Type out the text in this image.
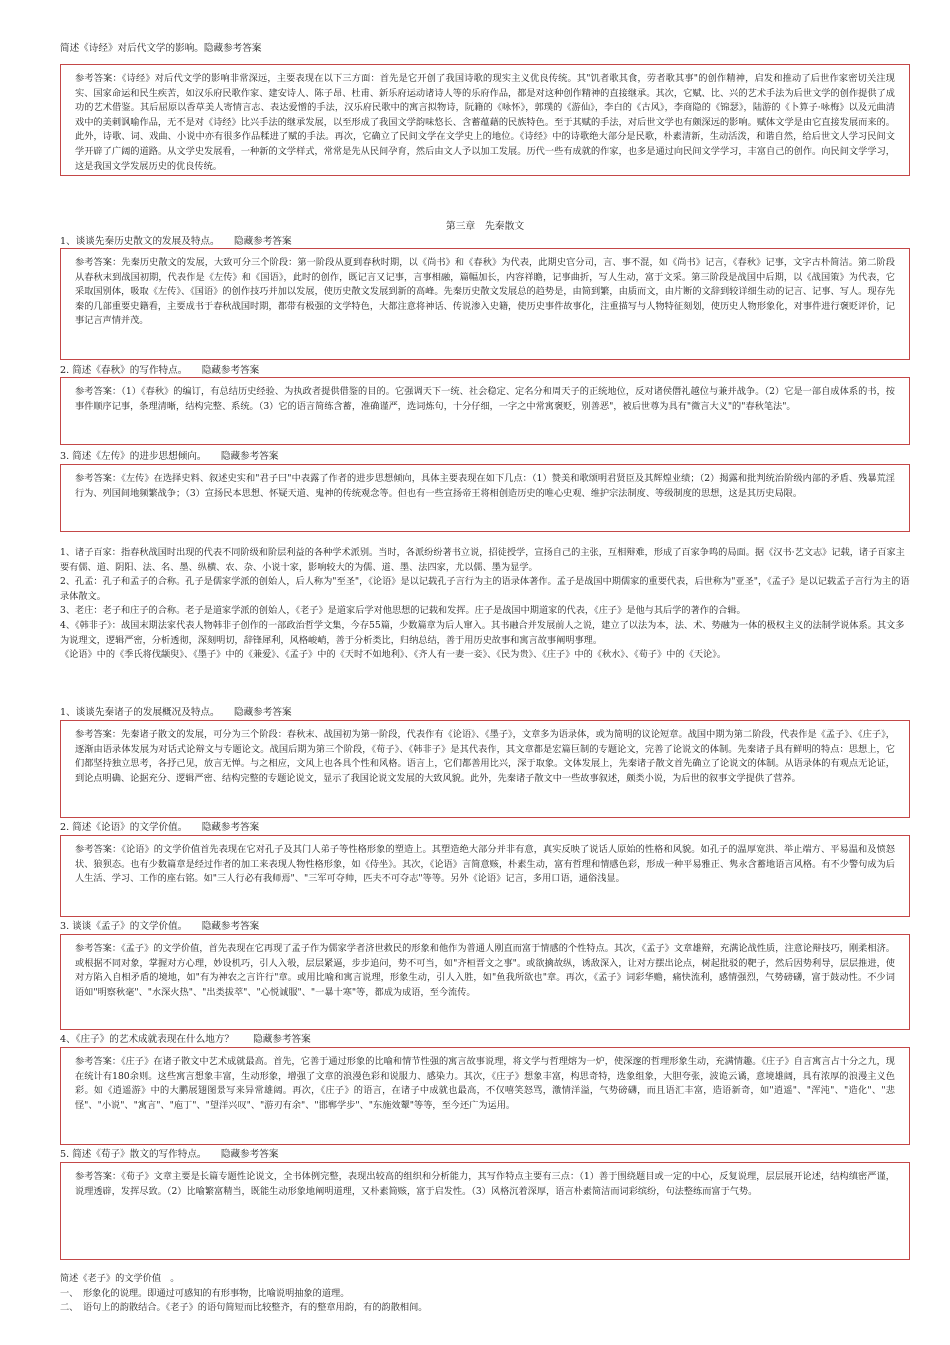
简述《诗经》对后代文学的影响。隐藏参考答案

参考答案：《诗经》对后代文学的影响非常深远，主要表现在以下三方面：首先是它开创了我国诗歌的现实主义优良传统。其"饥者歌其食，劳者歌其事"的创作精神，启发和推动了后世作家密切关注现实、国家命运和民生疾苦，如汉乐府民歌作家、建安诗人、陈子昂、杜甫、新乐府运动诸诗人等的乐府作品，都是对这种创作精神的直接继承。其次，它赋、比、兴的艺术手法为后世文学的创作提供了成功的艺术借鉴。其后屈原以香草美人寄情言志、表达爱憎的手法，汉乐府民歌中的寓言拟物诗，阮籍的《咏怀》，郭璞的《游仙》，李白的《古风》，李商隐的《锦瑟》，陆游的《卜算子·咏梅》以及元曲清戏中的美刺讽喻作品，无不是对《诗经》比兴手法的继承发展，以至形成了我国文学韵味悠长、含蓄蕴藉的民族特色。至于其赋的手法，对后世文学也有颇深远的影响。赋体文学是由它直接发展而来的。此外，诗歌、词、戏曲、小说中亦有很多作品糅进了赋的手法。再次，它确立了民间文学在文学史上的地位。《诗经》中的诗歌绝大部分是民歌，朴素清新，生动活泼，和谐自然，给后世文人学习民间文学开辟了广阔的道路。从文学史发展看，一种新的文学样式，常常是先从民间孕育，然后由文人予以加工发展。历代一些有成就的作家，也多是通过向民间文学学习，丰富自己的创作。向民间文学学习，这是我国文学发展历史的优良传统。

第三章　先秦散文
1、谈谈先秦历史散文的发展及特点。　　隐藏参考答案

参考答案：先秦历史散文的发展，大致可分三个阶段：第一阶段从夏到春秋时期，以《尚书》和《春秋》为代表，此期史官分司，言、事不混，如《尚书》记言，《春秋》记事，文字古朴简洁。第二阶段从春秋末到战国初期，代表作是《左传》和《国语》，此时的创作，既记言又记事，言事相融，篇幅加长，内容祥瞻，记事曲折，写人生动，富于文采。第三阶段是战国中后期，以《战国策》为代表，它采取国别体，吸取《左传》、《国语》的创作技巧并加以发展，使历史散文发展到新的高峰。先秦历史散文发展总的趋势是，由简到繁，由质而文，由片断的文辞到较详细生动的记言、记事、写人。现存先秦的几部重要史籍看，主要成书于春秋战国时期，都带有极强的文学特色，大都注意将神话、传说渗入史籍，使历史事件故事化，注重描写与人物特征刻划，使历史人物形象化，对事件进行褒贬评价，记事记言声情并茂。

2. 简述《春秋》的写作特点。　　隐藏参考答案

参考答案：（1）《春秋》的编订，有总结历史经验、为执政者提供借鉴的目的。它强调天下一统、社会稳定、定名分和周天子的正统地位，反对诸侯僭礼越位与兼并战争。（2）它是一部自成体系的书，按事件顺序记事，条理清晰，结构完整、系统。（3）它的语言简练含蓄，准确谨严，选词炼句，十分仔细，一字之中常寓褒贬，别善恶"，被后世尊为具有"微言大义"的"春秋笔法"。

3. 简述《左传》的进步思想倾向。　　隐藏参考答案

参考答案：《左传》在选择史料、叙述史实和"君子曰"中表露了作者的进步思想倾向，具体主要表现在如下几点：（1）赞美和歌颂明君贤臣及其辉煌业绩；（2）揭露和批判统治阶级内部的矛盾、残暴荒淫行为、列国间地频繁战争；（3）宣扬民本思想、怀疑天道、鬼神的传统观念等。但也有一些宣扬帝王将相创造历史的唯心史观、维护宗法制度、等级制度的思想，这是其历史局限。

1、诸子百家：指春秋战国时出现的代表不同阶级和阶层利益的各种学术派别。当时，各派纷纷著书立说，招徒授学，宣扬自己的主张，互相辩难，形成了百家争鸣的局面。据《汉书·艺文志》记载，诸子百家主要有儒、道、阴阳、法、名、墨、纵横、农、杂、小说十家，影响较大的为儒、道、墨、法四家，尤以儒、墨为显学。

2、孔孟：孔子和孟子的合称。孔子是儒家学派的创始人，后人称为"至圣"，《论语》是以记载孔子言行为主的语录体著作。孟子是战国中期儒家的重要代表，后世称为"亚圣"，《孟子》是以记载孟子言行为主的语录体散文。

3、老庄：老子和庄子的合称。老子是道家学派的创始人，《老子》是道家后学对他思想的记载和发挥。庄子是战国中期道家的代表，《庄子》是他与其后学的著作的合辑。

4、《韩非子》：战国末期法家代表人物韩非子创作的一部政治哲学文集，今存55篇，少数篇章为后人窜入。其书融合并发展前人之说，建立了以法为本，法、术、势融为一体的极权主义的法制学说体系。其文多为说理文，逻辑严密，分析透彻，深刻明切，辞锋犀利，风格峻峭，善于分析类比，归纳总结，善于用历史故事和寓言故事阐明事理。

《论语》中的《季氏将伐颛臾》、《墨子》中的《兼爱》、《孟子》中的《天时不如地利》、《齐人有一妻一妾》、《民为贵》、《庄子》中的《秋水》、《荀子》中的《天论》。

1、谈谈先秦诸子的发展概况及特点。　　隐藏参考答案

参考答案：先秦诸子散文的发展，可分为三个阶段：春秋末、战国初为第一阶段，代表作有《论语》、《墨子》，文章多为语录体，或为简明的议论短章。战国中期为第二阶段，代表作是《孟子》、《庄子》，逐渐由语录体发展为对话式论辩文与专题论文。战国后期为第三个阶段，《荀子》、《韩非子》是其代表作，其文章都是宏篇巨制的专题论文，完善了论说文的体制。先秦诸子具有鲜明的特点：思想上，它们都坚持独立思考，各抒己见，放言无惮。与之相应，文风上也各具个性和风格。语言上，它们都善用比兴，深于取象。文体发展上，先秦诸子散文首先确立了论说文的体制。从语录体的有观点无论证，到论点明确、论据充分、逻辑严密、结构完整的专题论说文，显示了我国论说文发展的大致风貌。此外，先秦诸子散文中一些故事叙述，颇类小说，为后世的叙事文学提供了营养。

2. 简述《论语》的文学价值。　　隐藏参考答案

参考答案：《论语》的文学价值首先表现在它对孔子及其门人弟子等性格形象的塑造上。其塑造绝大部分并非有意，真实反映了说话人原始的性格和风貌。如孔子的温厚宽洪、举止端方、平易温和及愤怒状、狼狈态。也有少数篇章是经过作者的加工来表现人物性格形象，如《侍坐》。其次，《论语》言简意赅，朴素生动，富有哲理和情感色彩，形成一种平易雅正、隽永含蓄地语言风格。有不少警句成为后人生活、学习、工作的座右铭。如"三人行必有我师焉"、"三军可夺帅，匹夫不可夺志"等等。另外《论语》记言，多用口语，通俗浅显。

3. 谈谈《孟子》的文学价值。　　隐藏参考答案

参考答案：《孟子》的文学价值，首先表现在它再现了孟子作为儒家学者济世救民的形象和他作为普通人刚直而富于情感的个性特点。其次，《孟子》文章雄辩，充满论战性质，注意论辩技巧，刚柔相济。或根据不同对象，掌握对方心理，妙设机巧，引人入彀，层层紧逼，步步追问，势不可当，如"齐桓晋文之事"。或欲擒故纵，诱敌深入，让对方摆出论点，树起批驳的靶子，然后因势利导，层层推进，使对方陷入自相矛盾的境地，如"有为神农之言许行"章。或用比喻和寓言说理，形象生动，引人入胜，如"鱼我所欲也"章。再次，《孟子》词彩华赡，痛快流利，感情强烈，气势磅礴，富于鼓动性。不少词语如"明察秋毫"、"水深火热"、"出类拔萃"、"心悦诚服"、"一暴十寒"等，都成为成语，至今流传。

4、《庄子》的艺术成就表现在什么地方？　　隐藏参考答案

参考答案：《庄子》在诸子散文中艺术成就最高。首先，它善于通过形象的比喻和情节性强的寓言故事说理，将文学与哲理熔为一炉，使深邃的哲理形象生动，充满情趣。《庄子》自言寓言占十分之九，现在统计有180余则。这些寓言想象丰富，生动形象，增强了文章的浪漫色彩和说服力、感染力。其次，《庄子》想象丰富，构思奇特，选象组象，大胆夸张，波诡云谲，意境雄阔，具有浓厚的浪漫主义色彩。如《逍遥游》中的大鹏展翅图景写来异常雄阔。再次，《庄子》的语言，在诸子中成就也最高，不仅嘻笑怒骂，激情洋溢，气势磅礴，而且语汇丰富，造语新奇，如"逍遥"、"浑沌"、"造化"、"悲怪"、"小说"、"寓言"、"庖丁"、"望洋兴叹"、"游刃有余"、"邯郸学步"、"东施效颦"等等，至今还广为运用。

5. 简述《荀子》散文的写作特点。　　隐藏参考答案

参考答案：《荀子》文章主要是长篇专题性论说文，全书体例完整，表现出较高的组织和分析能力，其写作特点主要有三点：（1）善于围绕题目或一定的中心，反复说理，层层展开论述，结构缜密严谨，说理透辟，发挥尽致。（2）比喻繁富精当，既能生动形象地阐明道理，又朴素简赅，富于启发性。（3）风格沉着深厚，语言朴素简洁而词彩缤纷，句法整练而富于气势。

简述《老子》的文学价值　。

一、　形象化的说理。即通过可感知的有形事物，比喻说明抽象的道理。

二、　语句上的韵散结合。《老子》的语句简短而比较整齐，有的整章用韵，有的韵散相间。
